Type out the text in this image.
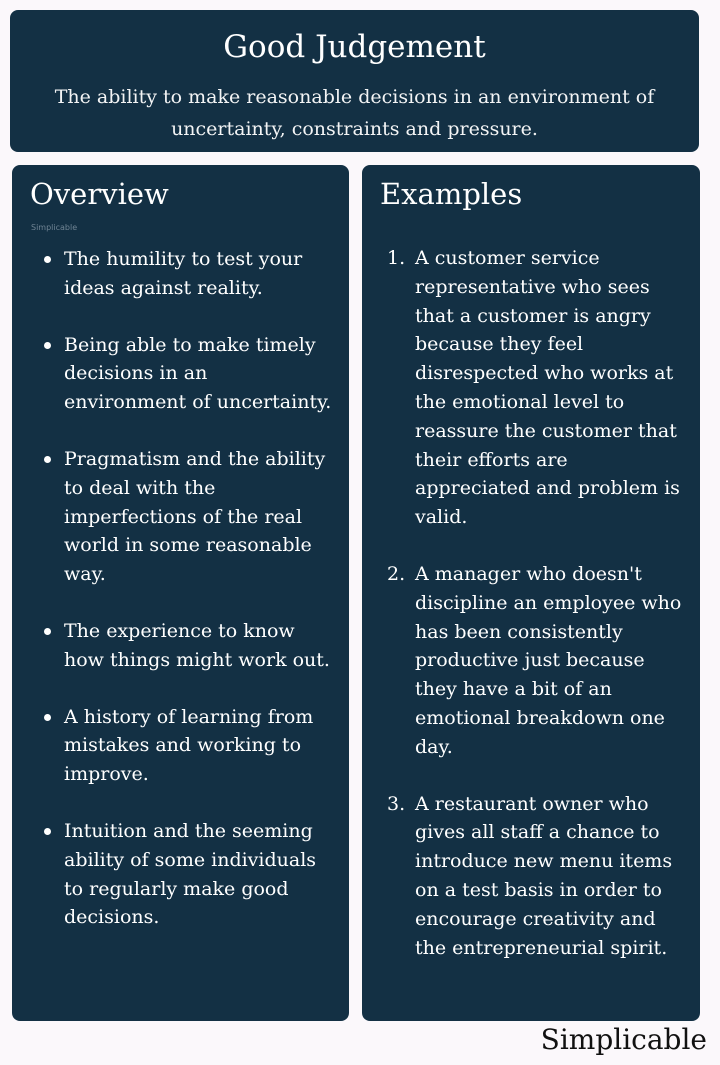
Good Judgement

The ability to make reasonable decisions in an environment of uncertainty, constraints and pressure.

Overview
Simplicable
The humility to test your ideas against reality.
Being able to make timely decisions in an environment of uncertainty.
Pragmatism and the ability to deal with the imperfections of the real world in some reasonable way.
The experience to know how things might work out.
A history of learning from mistakes and working to improve.
Intuition and the seeming ability of some individuals to regularly make good decisions.
Examples
1. A customer service representative who sees that a customer is angry because they feel disrespected who works at the emotional level to reassure the customer that their efforts are appreciated and problem is valid.
2. A manager who doesn't discipline an employee who has been consistently productive just because they have a bit of an emotional breakdown one day.
3. A restaurant owner who gives all staff a chance to introduce new menu items on a test basis in order to encourage creativity and the entrepreneurial spirit.
Simplicable
